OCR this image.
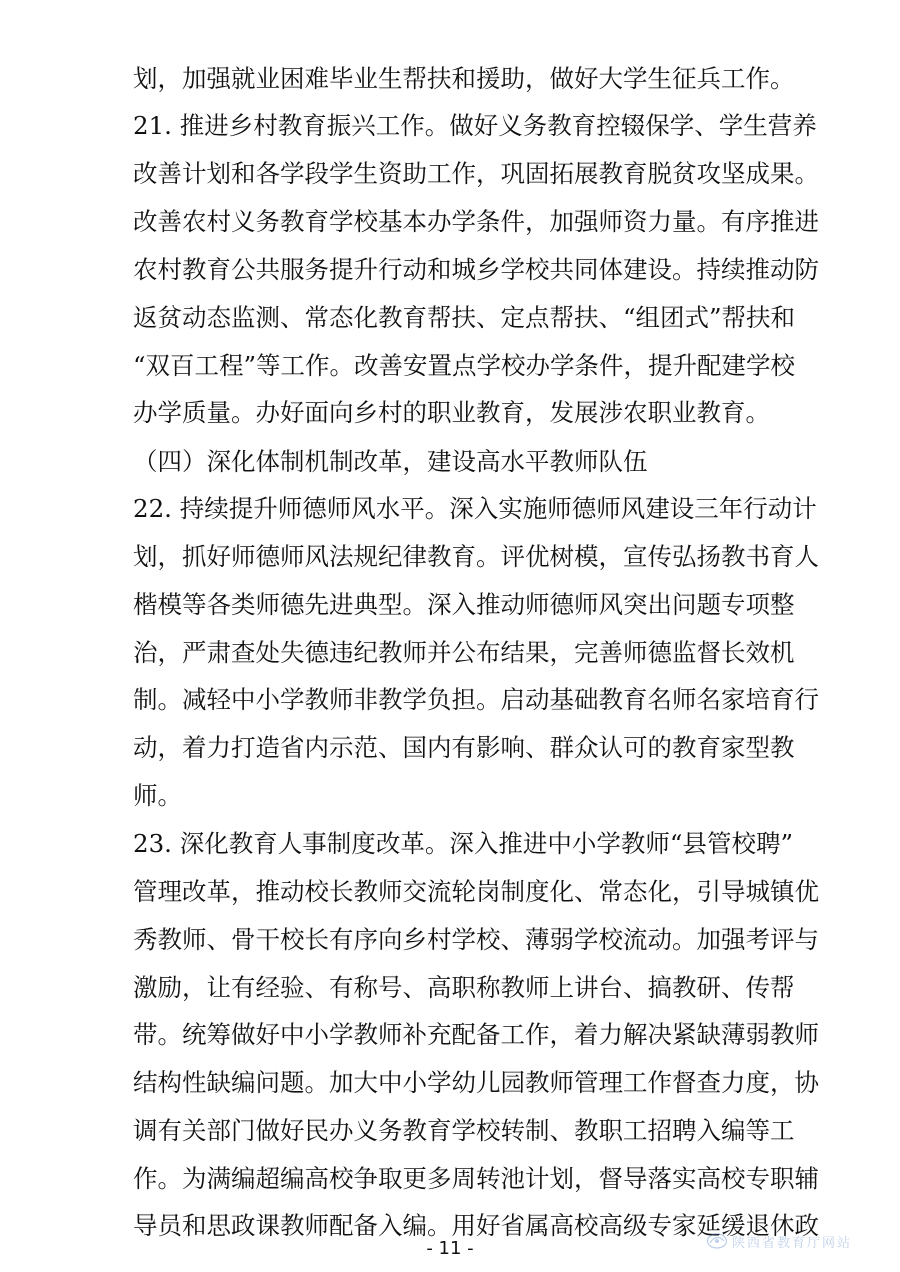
划，加强就业困难毕业生帮扶和援助，做好大学生征兵工作。
21. 推进乡村教育振兴工作。做好义务教育控辍保学、学生营养
改善计划和各学段学生资助工作，巩固拓展教育脱贫攻坚成果。
改善农村义务教育学校基本办学条件，加强师资力量。有序推进
农村教育公共服务提升行动和城乡学校共同体建设。持续推动防
返贫动态监测、常态化教育帮扶、定点帮扶、“组团式”帮扶和
“双百工程”等工作。改善安置点学校办学条件，提升配建学校
办学质量。办好面向乡村的职业教育，发展涉农职业教育。
（四）深化体制机制改革，建设高水平教师队伍
22. 持续提升师德师风水平。深入实施师德师风建设三年行动计
划，抓好师德师风法规纪律教育。评优树模，宣传弘扬教书育人
楷模等各类师德先进典型。深入推动师德师风突出问题专项整
治，严肃查处失德违纪教师并公布结果，完善师德监督长效机
制。减轻中小学教师非教学负担。启动基础教育名师名家培育行
动，着力打造省内示范、国内有影响、群众认可的教育家型教
师。
23. 深化教育人事制度改革。深入推进中小学教师“县管校聘”
管理改革，推动校长教师交流轮岗制度化、常态化，引导城镇优
秀教师、骨干校长有序向乡村学校、薄弱学校流动。加强考评与
激励，让有经验、有称号、高职称教师上讲台、搞教研、传帮
带。统筹做好中小学教师补充配备工作，着力解决紧缺薄弱教师
结构性缺编问题。加大中小学幼儿园教师管理工作督查力度，协
调有关部门做好民办义务教育学校转制、教职工招聘入编等工
作。为满编超编高校争取更多周转池计划，督导落实高校专职辅
导员和思政课教师配备入编。用好省属高校高级专家延缓退休政
- 11 -	陕西省教育厅网站
